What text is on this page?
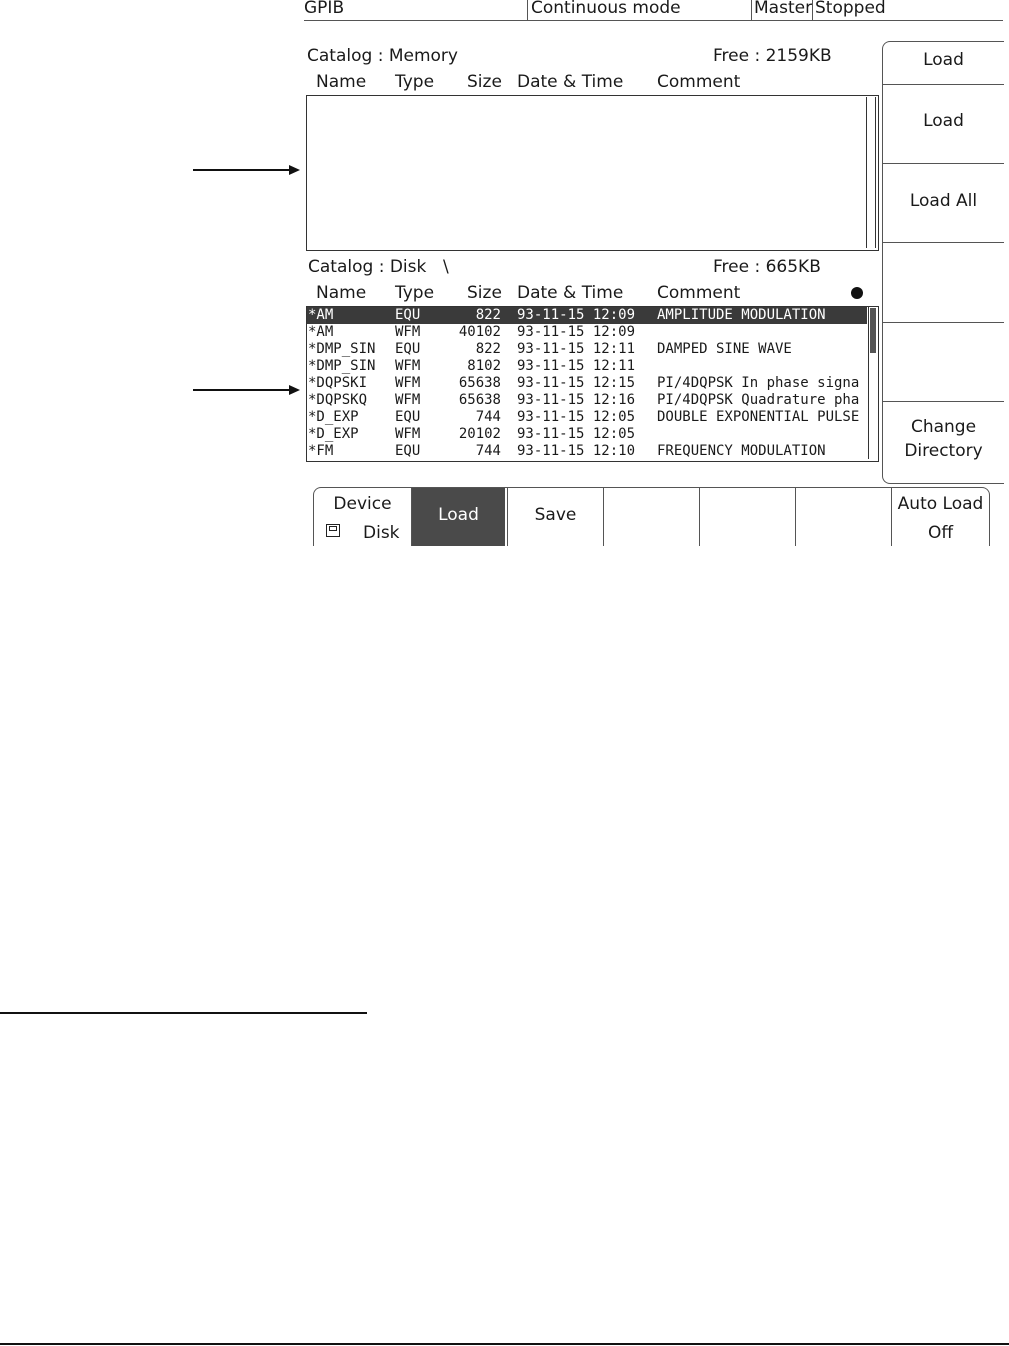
GPIB	Continuous mode	Master Stopped
Catalog : Memory	Free : 2159KB
Name Type Size Date & Time Comment
Catalog : Disk \	Free : 665KB
Name Type Size Date & Time Comment
*AM	EQU	822 93-11-15 12:09 AMPLITUDE MODULATION
*AM	WFM	40102 93-11-15 12:09
*DMP_SIN EQU	822 93-11-15 12:11 DAMPED SINE WAVE
*DMP_SIN WFM	8102 93-11-15 12:11
*DQPSKI WFM	65638 93-11-15 12:15 PI/4DQPSK In phase signa
*DQPSKQ WFM	65638 93-11-15 12:16 PI/4DQPSK Quadrature pha
*D_EXP	EQU	744 93-11-15 12:05 DOUBLE EXPONENTIAL PULSE
*D_EXP	WFM	20102 93-11-15 12:05
*FM	EQU	744 93-11-15 12:10 FREQUENCY MODULATION
Load
Load
Load All
Change
Directory
Device
Disk
Load	Save
Auto Load
Off
